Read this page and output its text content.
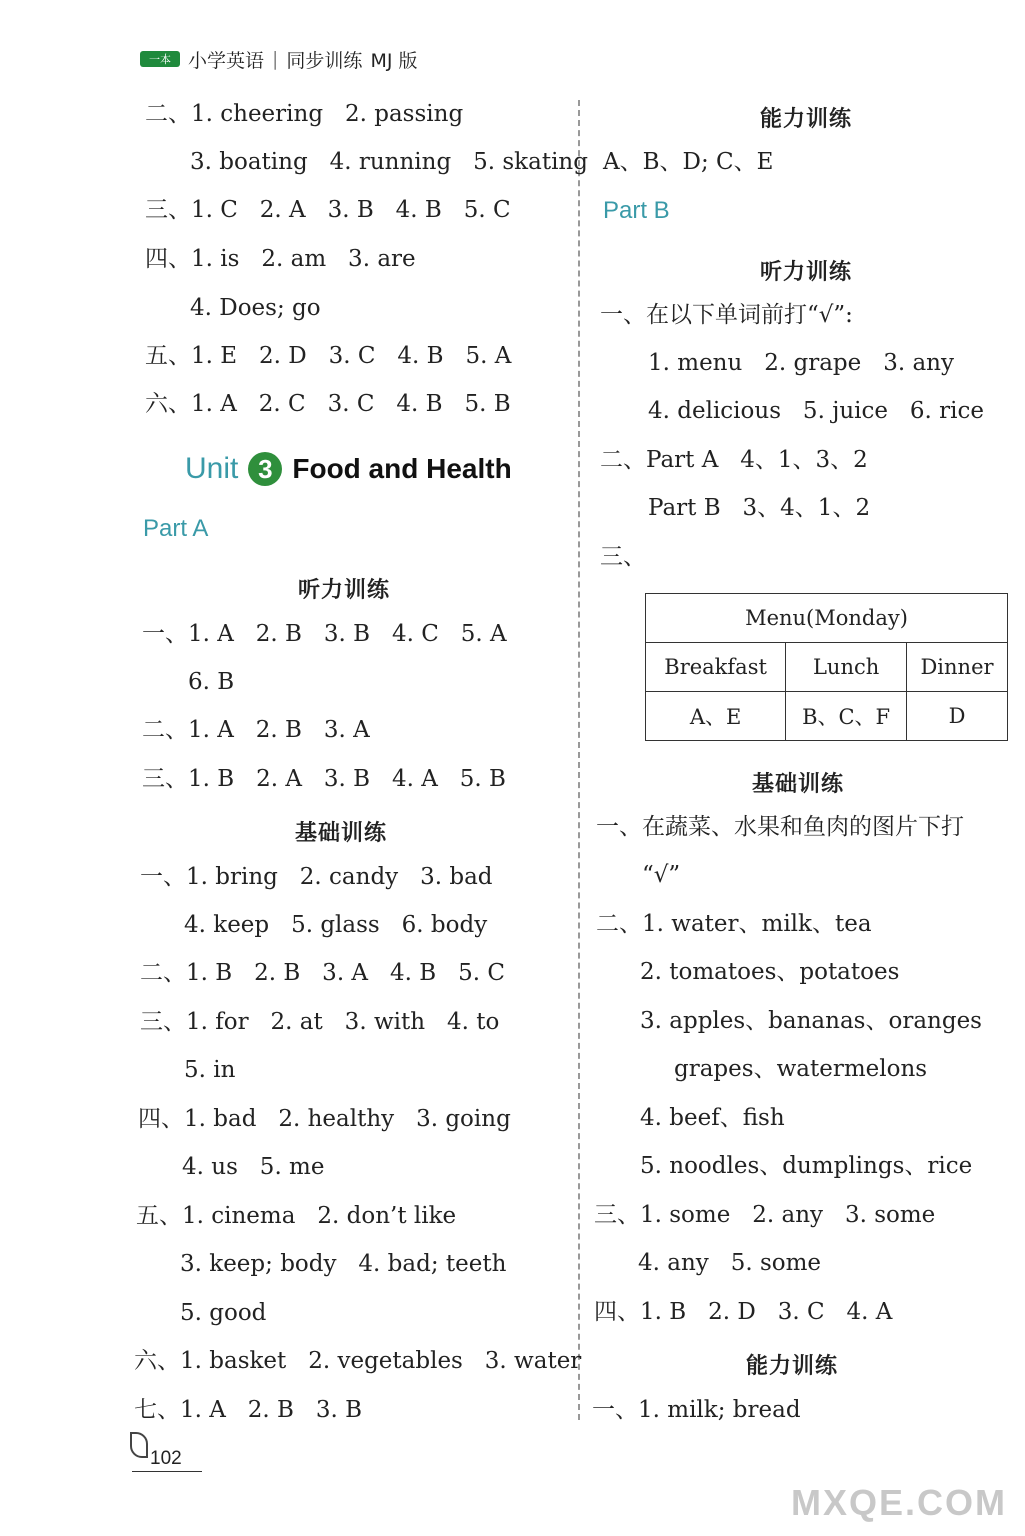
一本 小学英语 | 同步训练 MJ 版
二、1. cheering   2. passing
3. boating   4. running   5. skating
三、1. C   2. A   3. B   4. B   5. C
四、1. is   2. am   3. are
4. Does; go
五、1. E   2. D   3. C   4. B   5. A
六、1. A   2. C   3. C   4. B   5. B
Unit 3 Food and Health
Part A
听力训练
一、1. A   2. B   3. B   4. C   5. A
6. B
二、1. A   2. B   3. A
三、1. B   2. A   3. B   4. A   5. B
基础训练
一、1. bring   2. candy   3. bad
4. keep   5. glass   6. body
二、1. B   2. B   3. A   4. B   5. C
三、1. for   2. at   3. with   4. to
5. in
四、1. bad   2. healthy   3. going
4. us   5. me
五、1. cinema   2. don’t like
3. keep; body   4. bad; teeth
5. good
六、1. basket   2. vegetables   3. water
七、1. A   2. B   3. B
能力训练
A、B、D; C、E
Part B
听力训练
一、在以下单词前打“√”:
1. menu   2. grape   3. any
4. delicious   5. juice   6. rice
二、Part A   4、1、3、2
Part B   3、4、1、2
三、
Menu(Monday)		
Breakfast	Lunch	Dinner
A、E	B、C、F	D
基础训练
一、在蔬菜、水果和鱼肉的图片下打
“√”
二、1. water、milk、tea
2. tomatoes、potatoes
3. apples、bananas、oranges
grapes、watermelons
4. beef、fish
5. noodles、dumplings、rice
三、1. some   2. any   3. some
4. any   5. some
四、1. B   2. D   3. C   4. A
能力训练
一、1. milk; bread
102
MXQE.COM
